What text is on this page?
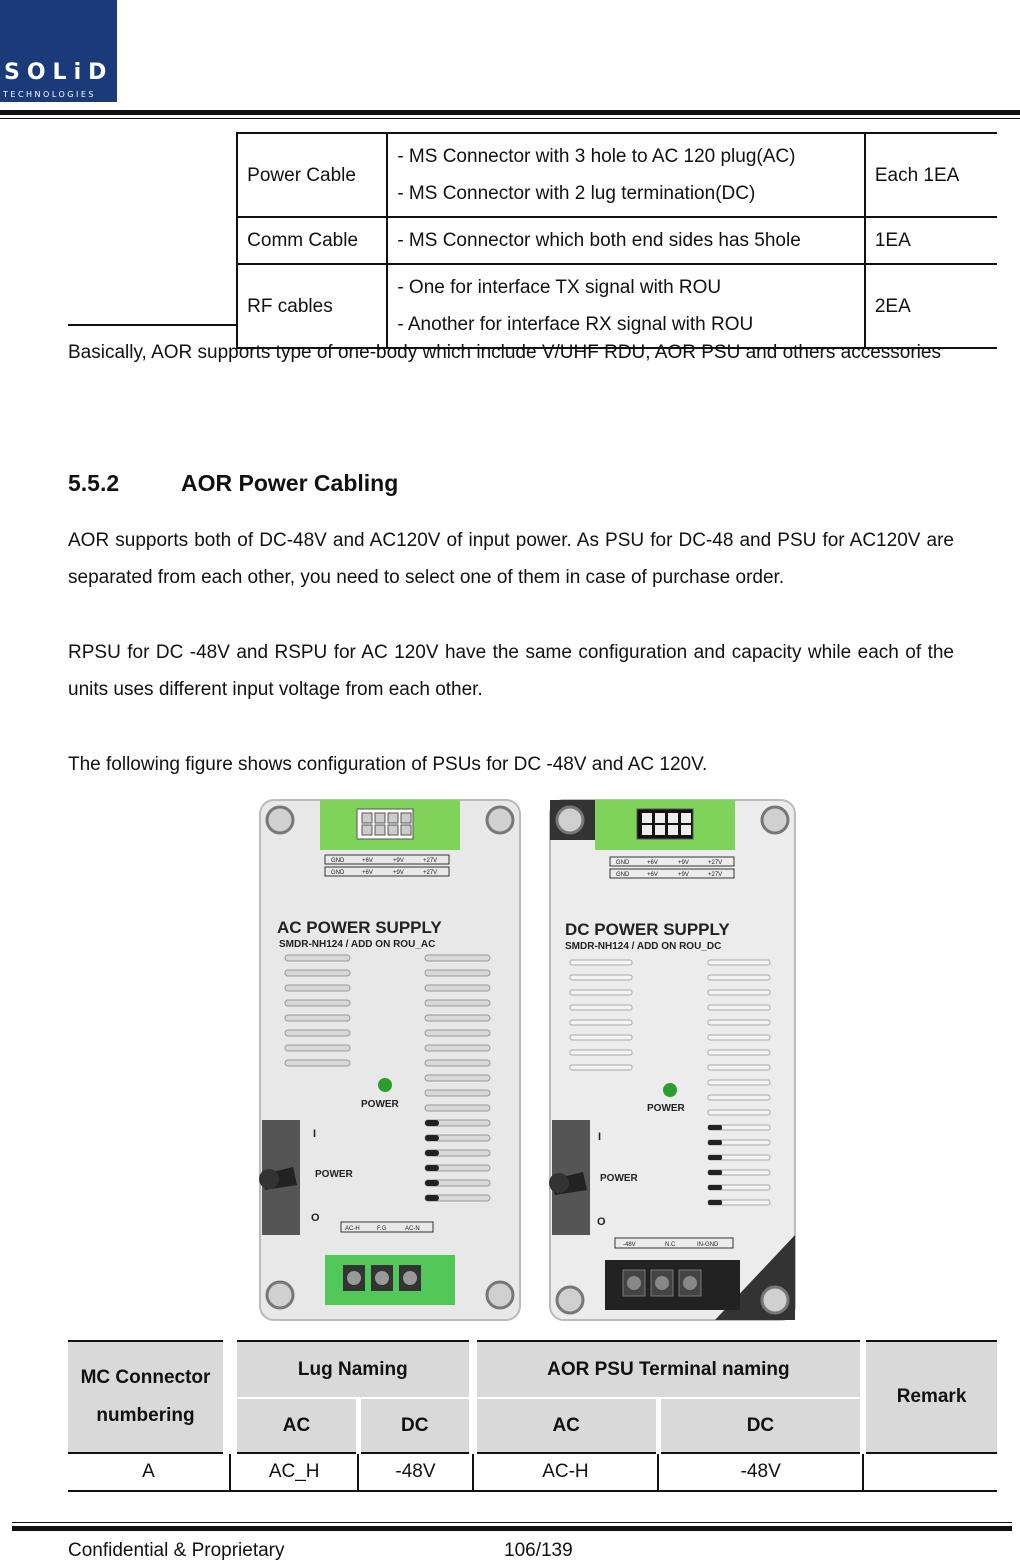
SOLiD
TECHNOLOGIES
	Power Cable	- MS Connector with 3 hole to AC 120 plug(AC)
- MS Connector with 2 lug termination(DC)	Each 1EA
	Comm Cable	- MS Connector which both end sides has 5hole	1EA
	RF cables	- One for interface TX signal with ROU
- Another for interface RX signal with ROU	2EA

Basically, AOR supports type of one-body which include V/UHF RDU, AOR PSU and others accessories

5.5.2	AOR Power Cabling

AOR supports both of DC-48V and AC120V of input power. As PSU for DC-48 and PSU for AC120V are separated from each other, you need to select one of them in case of purchase order.

RPSU for DC -48V and RSPU for AC 120V have the same configuration and capacity while each of the units uses different input voltage from each other.

The following figure shows configuration of PSUs for DC -48V and AC 120V.

GND	+6V	+9V	+27V
GND	+6V	+9V	+27V
AC POWER SUPPLY
SMDR-NH124 / ADD ON ROU_AC
POWER
I
POWER
O
AC-H	F.G	AC-N
GND	+6V	+9V	+27V
GND	+6V	+9V	+27V
DC POWER SUPPLY
SMDR-NH124 / ADD ON ROU_DC
POWER
I
POWER
O
-48V	N.C	IN-GND
MC Connector
numbering	Lug Naming		AOR PSU Terminal naming		Remark
	AC	DC	AC	DC	
A	AC_H	-48V	AC-H	-48V	
Confidential & Proprietary	106/139
